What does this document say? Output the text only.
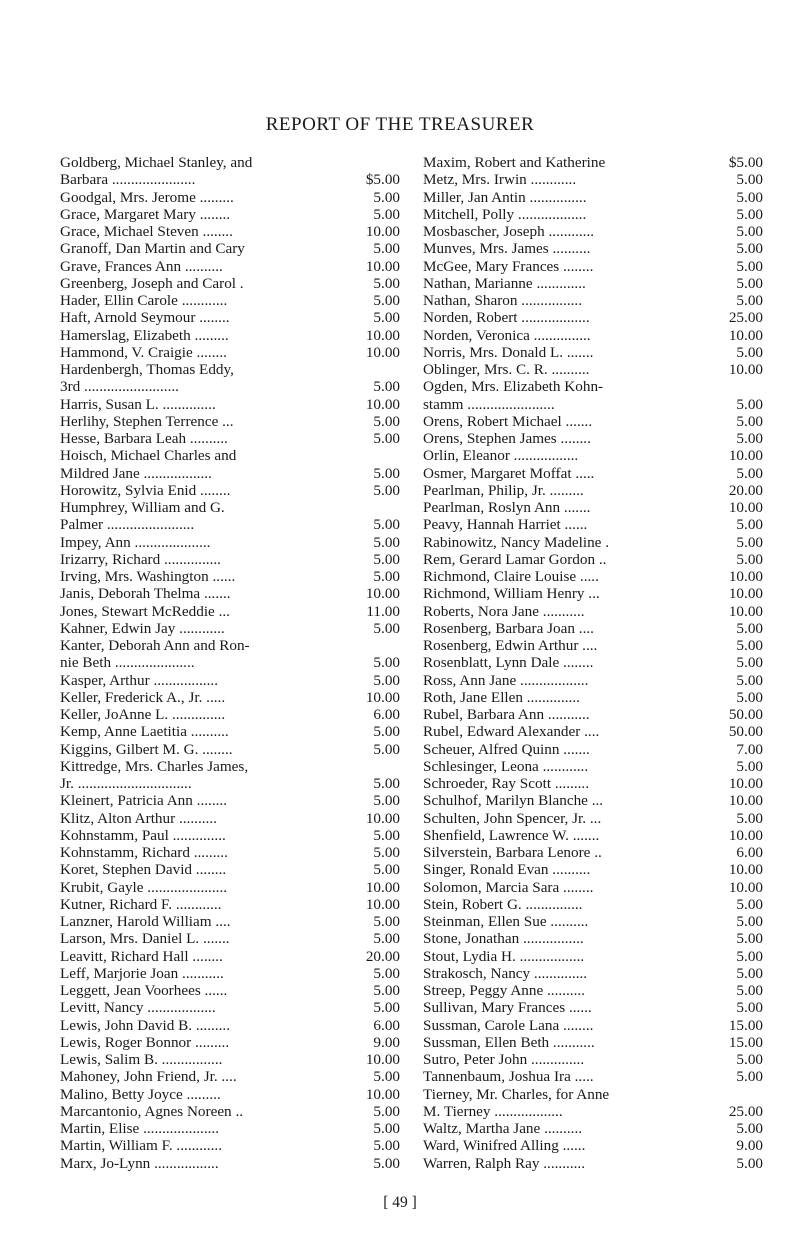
REPORT OF THE TREASURER
Goldberg, Michael Stanley, and
Barbara ......................	$5.00
Goodgal, Mrs. Jerome .........	5.00
Grace, Margaret Mary ........	5.00
Grace, Michael Steven ........	10.00
Granoff, Dan Martin and Cary	5.00
Grave, Frances Ann ..........	10.00
Greenberg, Joseph and Carol .	5.00
Hader, Ellin Carole ............	5.00
Haft, Arnold Seymour ........	5.00
Hamerslag, Elizabeth .........	10.00
Hammond, V. Craigie ........	10.00
Hardenbergh, Thomas Eddy,
3rd .........................	5.00
Harris, Susan L. ..............	10.00
Herlihy, Stephen Terrence ...	5.00
Hesse, Barbara Leah ..........	5.00
Hoisch, Michael Charles and
Mildred Jane ..................	5.00
Horowitz, Sylvia Enid ........	5.00
Humphrey, William and G.
Palmer .......................	5.00
Impey, Ann ....................	5.00
Irizarry, Richard ...............	5.00
Irving, Mrs. Washington ......	5.00
Janis, Deborah Thelma .......	10.00
Jones, Stewart McReddie ...	11.00
Kahner, Edwin Jay ............	5.00
Kanter, Deborah Ann and Ron-
nie Beth .....................	5.00
Kasper, Arthur .................	5.00
Keller, Frederick A., Jr. .....	10.00
Keller, JoAnne L. ..............	6.00
Kemp, Anne Laetitia ..........	5.00
Kiggins, Gilbert M. G. ........	5.00
Kittredge, Mrs. Charles James,
Jr. ..............................	5.00
Kleinert, Patricia Ann ........	5.00
Klitz, Alton Arthur ..........	10.00
Kohnstamm, Paul ..............	5.00
Kohnstamm, Richard .........	5.00
Koret, Stephen David ........	5.00
Krubit, Gayle .....................	10.00
Kutner, Richard F. ............	10.00
Lanzner, Harold William ....	5.00
Larson, Mrs. Daniel L. .......	5.00
Leavitt, Richard Hall ........	20.00
Leff, Marjorie Joan ...........	5.00
Leggett, Jean Voorhees ......	5.00
Levitt, Nancy ..................	5.00
Lewis, John David B. .........	6.00
Lewis, Roger Bonnor .........	9.00
Lewis, Salim B. ................	10.00
Mahoney, John Friend, Jr. ....	5.00
Malino, Betty Joyce .........	10.00
Marcantonio, Agnes Noreen ..	5.00
Martin, Elise ....................	5.00
Martin, William F. ............	5.00
Marx, Jo-Lynn .................	5.00
Maxim, Robert and Katherine	$5.00
Metz, Mrs. Irwin ............	5.00
Miller, Jan Antin ...............	5.00
Mitchell, Polly ..................	5.00
Mosbascher, Joseph ............	5.00
Munves, Mrs. James ..........	5.00
McGee, Mary Frances ........	5.00
Nathan, Marianne .............	5.00
Nathan, Sharon ................	5.00
Norden, Robert ..................	25.00
Norden, Veronica ...............	10.00
Norris, Mrs. Donald L. .......	5.00
Oblinger, Mrs. C. R. ..........	10.00
Ogden, Mrs. Elizabeth Kohn-
stamm .......................	5.00
Orens, Robert Michael .......	5.00
Orens, Stephen James ........	5.00
Orlin, Eleanor .................	10.00
Osmer, Margaret Moffat .....	5.00
Pearlman, Philip, Jr. .........	20.00
Pearlman, Roslyn Ann .......	10.00
Peavy, Hannah Harriet ......	5.00
Rabinowitz, Nancy Madeline .	5.00
Rem, Gerard Lamar Gordon ..	5.00
Richmond, Claire Louise .....	10.00
Richmond, William Henry ...	10.00
Roberts, Nora Jane ...........	10.00
Rosenberg, Barbara Joan ....	5.00
Rosenberg, Edwin Arthur ....	5.00
Rosenblatt, Lynn Dale ........	5.00
Ross, Ann Jane ..................	5.00
Roth, Jane Ellen ..............	5.00
Rubel, Barbara Ann ...........	50.00
Rubel, Edward Alexander ....	50.00
Scheuer, Alfred Quinn .......	7.00
Schlesinger, Leona ............	5.00
Schroeder, Ray Scott .........	10.00
Schulhof, Marilyn Blanche ...	10.00
Schulten, John Spencer, Jr. ...	5.00
Shenfield, Lawrence W. .......	10.00
Silverstein, Barbara Lenore ..	6.00
Singer, Ronald Evan ..........	10.00
Solomon, Marcia Sara ........	10.00
Stein, Robert G. ...............	5.00
Steinman, Ellen Sue ..........	5.00
Stone, Jonathan ................	5.00
Stout, Lydia H. .................	5.00
Strakosch, Nancy ..............	5.00
Streep, Peggy Anne ..........	5.00
Sullivan, Mary Frances ......	5.00
Sussman, Carole Lana ........	15.00
Sussman, Ellen Beth ...........	15.00
Sutro, Peter John ..............	5.00
Tannenbaum, Joshua Ira .....	5.00
Tierney, Mr. Charles, for Anne
M. Tierney ..................	25.00
Waltz, Martha Jane ..........	5.00
Ward, Winifred Alling ......	9.00
Warren, Ralph Ray ...........	5.00
[ 49 ]
